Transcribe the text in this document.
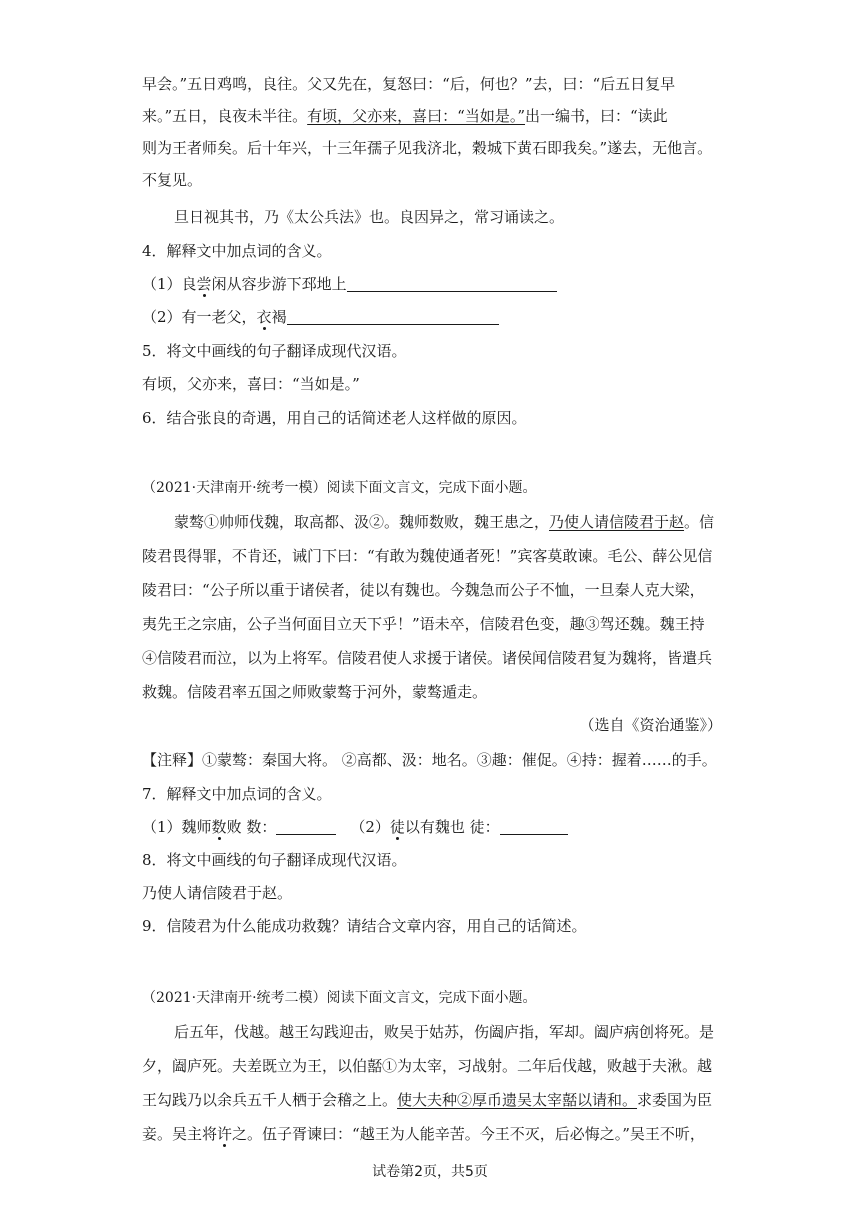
早会。”五日鸡鸣，良往。父又先在，复怒曰：“后，何也？”去，曰：“后五日复早
来。”五日，良夜未半往。有顷，父亦来，喜曰：“当如是。”出一编书，曰：“读此
则为王者师矣。后十年兴，十三年孺子见我济北，穀城下黄石即我矣。”遂去，无他言。
不复见。
旦日视其书，乃《太公兵法》也。良因异之，常习诵读之。
4．解释文中加点词的含义。
（1）良尝闲从容步游下邳地上
（2）有一老父，衣褐
5．将文中画线的句子翻译成现代汉语。
有顷，父亦来，喜曰：“当如是。”
6．结合张良的奇遇，用自己的话简述老人这样做的原因。
（2021·天津南开·统考一模）阅读下面文言文，完成下面小题。
蒙骜①帅师伐魏，取高都、汲②。魏师数败，魏王患之，乃使人请信陵君于赵。信
陵君畏得罪，不肯还，诫门下曰：“有敢为魏使通者死！”宾客莫敢谏。毛公、薛公见信
陵君曰：“公子所以重于诸侯者，徒以有魏也。今魏急而公子不恤，一旦秦人克大梁，
夷先王之宗庙，公子当何面目立天下乎！”语未卒，信陵君色变，趣③驾还魏。魏王持
④信陵君而泣，以为上将军。信陵君使人求援于诸侯。诸侯闻信陵君复为魏将，皆遣兵
救魏。信陵君率五国之师败蒙骜于河外，蒙骜遁走。
（选自《资治通鉴》）
【注释】①蒙骜：秦国大将。 ②高都、汲：地名。③趣：催促。④持：握着……的手。
7．解释文中加点词的含义。
（1）魏师数败 数：	（2）徒以有魏也 徒：
8．将文中画线的句子翻译成现代汉语。
乃使人请信陵君于赵。
9．信陵君为什么能成功救魏？请结合文章内容，用自己的话简述。
（2021·天津南开·统考二模）阅读下面文言文，完成下面小题。
后五年，伐越。越王勾践迎击，败吴于姑苏，伤阖庐指，军却。阖庐病创将死。是
夕，阖庐死。夫差既立为王，以伯嚭①为太宰，习战射。二年后伐越，败越于夫湫。越
王勾践乃以余兵五千人栖于会稽之上。使大夫种②厚币遗吴太宰嚭以请和。求委国为臣
妾。吴主将许之。伍子胥谏曰：“越王为人能辛苦。今王不灭，后必悔之。”吴王不听，
试卷第2页，共5页
